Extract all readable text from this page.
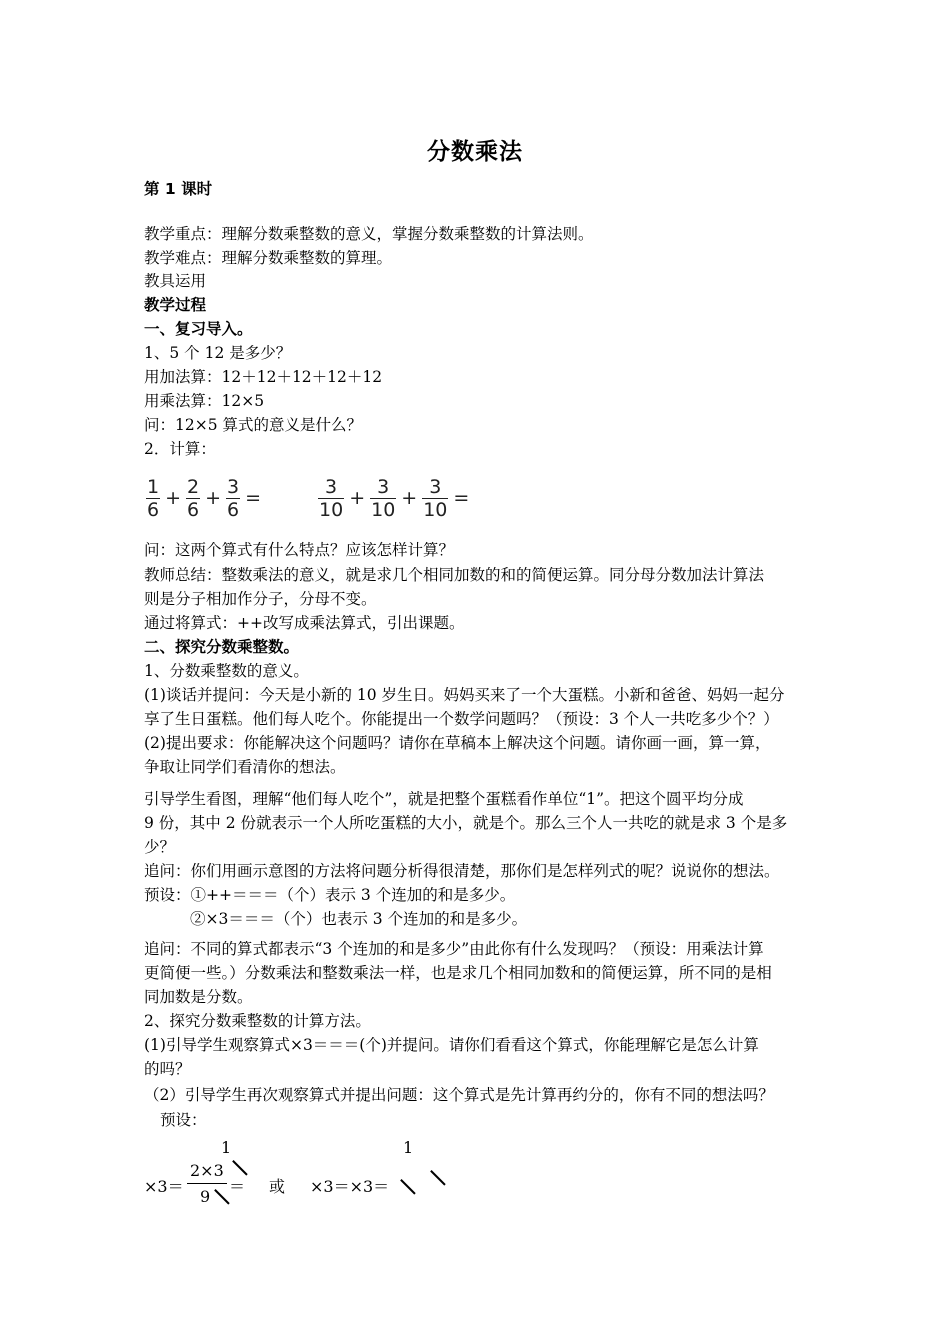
分数乘法
第 1 课时
教学重点：理解分数乘整数的意义，掌握分数乘整数的计算法则。
教学难点：理解分数乘整数的算理。
教具运用
教学过程
一、复习导入。
1、5 个 12 是多少？
用加法算：12＋12＋12＋12＋12
用乘法算：12×5
问：12×5 算式的意义是什么？
2．计算：
1
6
+ $\frac{2}{6} + \frac{3}{6}$ =
3
10
+ $\frac{3}{10} + \frac{3}{10}$ =
问：这两个算式有什么特点？应该怎样计算？
教师总结：整数乘法的意义，就是求几个相同加数的和的简便运算。同分母分数加法计算法
则是分子相加作分子，分母不变。
通过将算式：++改写成乘法算式，引出课题。
二、探究分数乘整数。
1、分数乘整数的意义。
(1)谈话并提问：今天是小新的 10 岁生日。妈妈买来了一个大蛋糕。小新和爸爸、妈妈一起分
享了生日蛋糕。他们每人吃个。你能提出一个数学问题吗？（预设：3 个人一共吃多少个？）
(2)提出要求：你能解决这个问题吗？请你在草稿本上解决这个问题。请你画一画，算一算，
争取让同学们看清你的想法。
引导学生看图，理解“他们每人吃个”，就是把整个蛋糕看作单位“1”。把这个圆平均分成
9 份，其中 2 份就表示一个人所吃蛋糕的大小，就是个。那么三个人一共吃的就是求 3 个是多
少？
追问：你们用画示意图的方法将问题分析得很清楚，那你们是怎样列式的呢？说说你的想法。
预设：①++＝＝＝（个）表示 3 个连加的和是多少。
②×3＝＝＝（个）也表示 3 个连加的和是多少。
追问：不同的算式都表示“3 个连加的和是多少”由此你有什么发现吗？（预设：用乘法计算
更简便一些。）分数乘法和整数乘法一样，也是求几个相同加数和的简便运算，所不同的是相
同加数是分数。
2、探究分数乘整数的计算方法。
(1)引导学生观察算式×3＝＝＝(个)并提问。请你们看看这个算式，你能理解它是怎么计算
的吗？
（2）引导学生再次观察算式并提出问题：这个算式是先计算再约分的，你有不同的想法吗？
预设：
1
×3＝
2×3
9
＝ 或
1
×3＝×3＝
